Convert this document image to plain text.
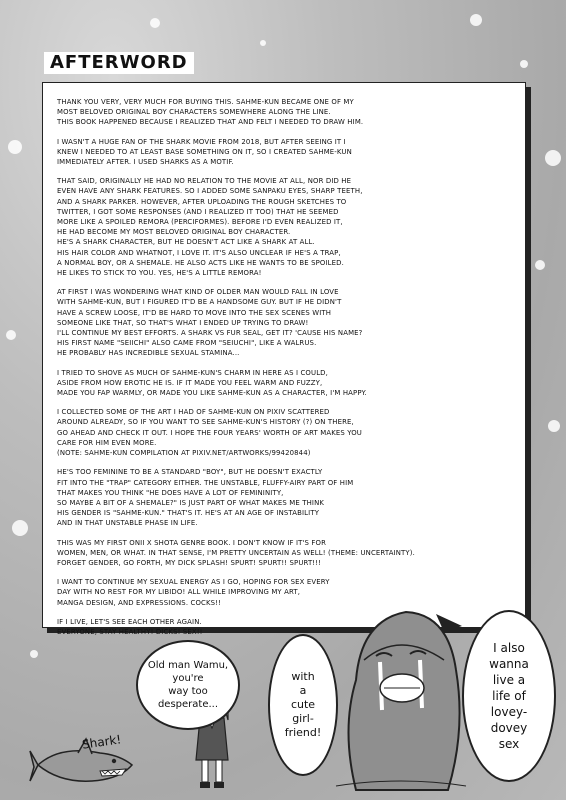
AFTERWORD

THANK YOU VERY, VERY MUCH FOR BUYING THIS. SAHME-KUN BECAME ONE OF MY
MOST BELOVED ORIGINAL BOY CHARACTERS SOMEWHERE ALONG THE LINE.
THIS BOOK HAPPENED BECAUSE I REALIZED THAT AND FELT I NEEDED TO DRAW HIM.

I WASN'T A HUGE FAN OF THE SHARK MOVIE FROM 2018, BUT AFTER SEEING IT I
KNEW I NEEDED TO AT LEAST BASE SOMETHING ON IT, SO I CREATED SAHME-KUN
IMMEDIATELY AFTER. I USED SHARKS AS A MOTIF.

THAT SAID, ORIGINALLY HE HAD NO RELATION TO THE MOVIE AT ALL, NOR DID HE
EVEN HAVE ANY SHARK FEATURES. SO I ADDED SOME SANPAKU EYES, SHARP TEETH,
AND A SHARK PARKER. HOWEVER, AFTER UPLOADING THE ROUGH SKETCHES TO
TWITTER, I GOT SOME RESPONSES (AND I REALIZED IT TOO) THAT HE SEEMED
MORE LIKE A SPOILED REMORA (PERCIFORMES). BEFORE I'D EVEN REALIZED IT,
HE HAD BECOME MY MOST BELOVED ORIGINAL BOY CHARACTER.
HE'S A SHARK CHARACTER, BUT HE DOESN'T ACT LIKE A SHARK AT ALL.
HIS HAIR COLOR AND WHATNOT, I LOVE IT. IT'S ALSO UNCLEAR IF HE'S A TRAP,
A NORMAL BOY, OR A SHEMALE. HE ALSO ACTS LIKE HE WANTS TO BE SPOILED.
HE LIKES TO STICK TO YOU. YES, HE'S A LITTLE REMORA!

AT FIRST I WAS WONDERING WHAT KIND OF OLDER MAN WOULD FALL IN LOVE
WITH SAHME-KUN, BUT I FIGURED IT'D BE A HANDSOME GUY. BUT IF HE DIDN'T
HAVE A SCREW LOOSE, IT'D BE HARD TO MOVE INTO THE SEX SCENES WITH
SOMEONE LIKE THAT, SO THAT'S WHAT I ENDED UP TRYING TO DRAW!
I'LL CONTINUE MY BEST EFFORTS. A SHARK VS FUR SEAL, GET IT? 'CAUSE HIS NAME?
HIS FIRST NAME "SEIICHI" ALSO CAME FROM "SEIUCHI", LIKE A WALRUS.
HE PROBABLY HAS INCREDIBLE SEXUAL STAMINA...

I TRIED TO SHOVE AS MUCH OF SAHME-KUN'S CHARM IN HERE AS I COULD,
ASIDE FROM HOW EROTIC HE IS. IF IT MADE YOU FEEL WARM AND FUZZY,
MADE YOU FAP WARMLY, OR MADE YOU LIKE SAHME-KUN AS A CHARACTER, I'M HAPPY.

I COLLECTED SOME OF THE ART I HAD OF SAHME-KUN ON PIXIV SCATTERED
AROUND ALREADY, SO IF YOU WANT TO SEE SAHME-KUN'S HISTORY (?) ON THERE,
GO AHEAD AND CHECK IT OUT. I HOPE THE FOUR YEARS' WORTH OF ART MAKES YOU
CARE FOR HIM EVEN MORE.
(NOTE: SAHME-KUN COMPILATION AT PIXIV.NET/ARTWORKS/99420844)

HE'S TOO FEMININE TO BE A STANDARD "BOY", BUT HE DOESN'T EXACTLY
FIT INTO THE "TRAP" CATEGORY EITHER. THE UNSTABLE, FLUFFY-AIRY PART OF HIM
THAT MAKES YOU THINK "HE DOES HAVE A LOT OF FEMININITY,
SO MAYBE A BIT OF A SHEMALE?" IS JUST PART OF WHAT MAKES ME THINK
HIS GENDER IS "SAHME-KUN." THAT'S IT. HE'S AT AN AGE OF INSTABILITY
AND IN THAT UNSTABLE PHASE IN LIFE.

THIS WAS MY FIRST ONII X SHOTA GENRE BOOK. I DON'T KNOW IF IT'S FOR
WOMEN, MEN, OR WHAT. IN THAT SENSE, I'M PRETTY UNCERTAIN AS WELL! (THEME: UNCERTAINTY).
FORGET GENDER, GO FORTH, MY DICK SPLASH! SPURT! SPURT!! SPURT!!!

I WANT TO CONTINUE MY SEXUAL ENERGY AS I GO, HOPING FOR SEX EVERY
DAY WITH NO REST FOR MY LIBIDO! ALL WHILE IMPROVING MY ART,
MANGA DESIGN, AND EXPRESSIONS. COCKS!!

IF I LIVE, LET'S SEE EACH OTHER AGAIN.
EVERYONE, STAY HEALTHY! DICKS! SEX!!

Shark!
Old man Wamu,
you're
way too
desperate...
with
a
cute
girl-
friend!
I also
wanna
live a
life of
lovey-
dovey
sex
